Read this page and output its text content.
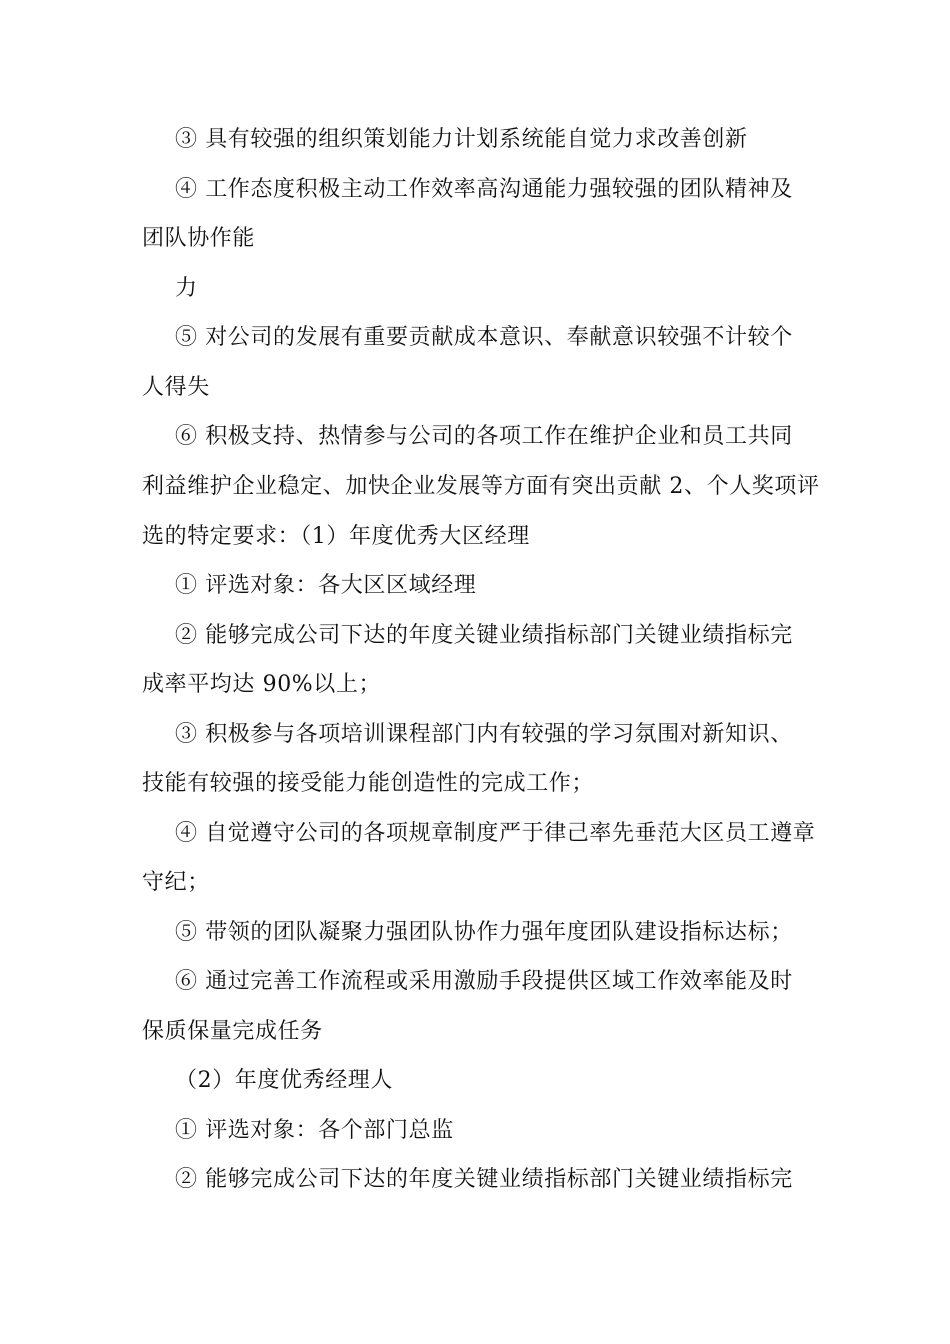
③ 具有较强的组织策划能力计划系统能自觉力求改善创新
④ 工作态度积极主动工作效率高沟通能力强较强的团队精神及
团队协作能
力
⑤ 对公司的发展有重要贡献成本意识、奉献意识较强不计较个
人得失
⑥ 积极支持、热情参与公司的各项工作在维护企业和员工共同
利益维护企业稳定、加快企业发展等方面有突出贡献 2、个人奖项评
选的特定要求：（1）年度优秀大区经理
① 评选对象：各大区区域经理
② 能够完成公司下达的年度关键业绩指标部门关键业绩指标完
成率平均达 90%以上；
③ 积极参与各项培训课程部门内有较强的学习氛围对新知识、
技能有较强的接受能力能创造性的完成工作；
④ 自觉遵守公司的各项规章制度严于律己率先垂范大区员工遵章
守纪；
⑤ 带领的团队凝聚力强团队协作力强年度团队建设指标达标；
⑥ 通过完善工作流程或采用激励手段提供区域工作效率能及时
保质保量完成任务
（2）年度优秀经理人
① 评选对象：各个部门总监
② 能够完成公司下达的年度关键业绩指标部门关键业绩指标完
